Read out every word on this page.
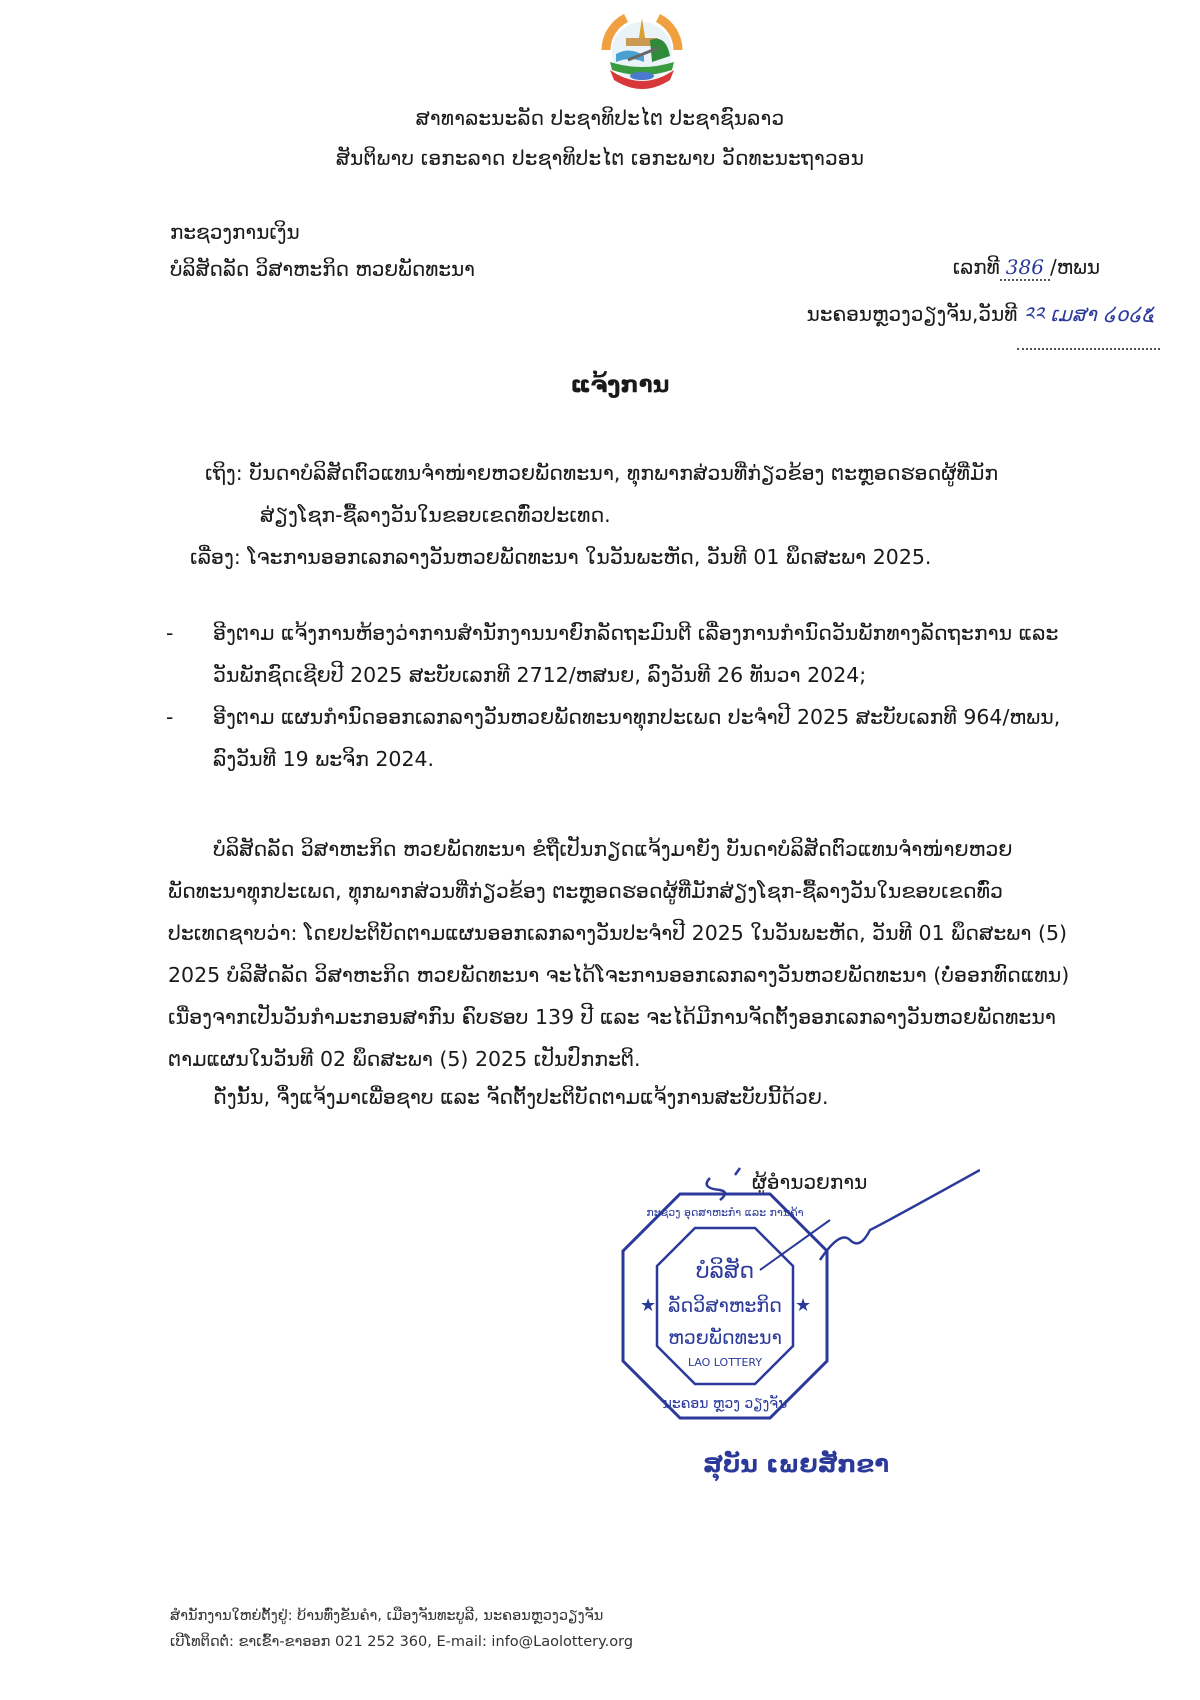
ສາທາລະນະລັດ ປະຊາທິປະໄຕ ປະຊາຊົນລາວ
ສັນຕິພາບ ເອກະລາດ ປະຊາທິປະໄຕ ເອກະພາບ ວັດທະນະຖາວອນ
ກະຊວງການເງິນ
ບໍລິສັດລັດ ວິສາຫະກິດ ຫວຍພັດທະນາ	ເລກທີ 386 /ຫພນ
ນະຄອນຫຼວງວຽງຈັນ,ວັນທີ ༢༢ ເມສາ ໒໐໒໕
ແຈ້ງການ
ເຖິງ: ບັນດາບໍລິສັດຕົວແທນຈຳໜ່າຍຫວຍພັດທະນາ, ທຸກພາກສ່ວນທີ່ກ່ຽວຂ້ອງ ຕະຫຼອດຮອດຜູ້ທີ່ມັກ
ສ່ຽງໂຊກ-ຊື້ລາງວັນໃນຂອບເຂດທົ່ວປະເທດ.
ເລື່ອງ: ໂຈະການອອກເລກລາງວັນຫວຍພັດທະນາ ໃນວັນພະຫັດ, ວັນທີ 01 ພຶດສະພາ 2025.
-	ອີງຕາມ ແຈ້ງການຫ້ອງວ່າການສຳນັກງານນາຍົກລັດຖະມົນຕີ ເລື່ອງການກຳນົດວັນພັກທາງລັດຖະການ ແລະ
ວັນພັກຊົດເຊີຍປີ 2025 ສະບັບເລກທີ 2712/ຫສນຍ, ລົງວັນທີ 26 ທັນວາ 2024;
-	ອີງຕາມ ແຜນກຳນົດອອກເລກລາງວັນຫວຍພັດທະນາທຸກປະເພດ ປະຈຳປີ 2025 ສະບັບເລກທີ 964/ຫພນ,
ລົງວັນທີ 19 ພະຈິກ 2024.
ບໍລິສັດລັດ ວິສາຫະກິດ ຫວຍພັດທະນາ ຂໍຖືເປັນກຽດແຈ້ງມາຍັງ ບັນດາບໍລິສັດຕົວແທນຈຳໜ່າຍຫວຍ
ພັດທະນາທຸກປະເພດ, ທຸກພາກສ່ວນທີ່ກ່ຽວຂ້ອງ ຕະຫຼອດຮອດຜູ້ທີ່ມັກສ່ຽງໂຊກ-ຊື້ລາງວັນໃນຂອບເຂດທົ່ວ
ປະເທດຊາບວ່າ: ໂດຍປະຕິບັດຕາມແຜນອອກເລກລາງວັນປະຈຳປີ 2025 ໃນວັນພະຫັດ, ວັນທີ 01 ພຶດສະພາ (5)
2025 ບໍລິສັດລັດ ວິສາຫະກິດ ຫວຍພັດທະນາ ຈະໄດ້ໂຈະການອອກເລກລາງວັນຫວຍພັດທະນາ (ບໍ່ອອກທົດແທນ)
ເນື່ອງຈາກເປັນວັນກຳມະກອນສາກົນ ຄົບຮອບ 139 ປີ ແລະ ຈະໄດ້ມີການຈັດຕັ້ງອອກເລກລາງວັນຫວຍພັດທະນາ
ຕາມແຜນໃນວັນທີ 02 ພຶດສະພາ (5) 2025 ເປັນປົກກະຕິ.
ດັ່ງນັ້ນ, ຈຶ່ງແຈ້ງມາເພື່ອຊາບ ແລະ ຈັດຕັ້ງປະຕິບັດຕາມແຈ້ງການສະບັບນີ້ດ້ວຍ.
ຜູ້ອຳນວຍການ
★	★
ກະຊວງ ອຸດສາຫະກຳ ແລະ ການຄ້າ
ບໍລິສັດ
ລັດວິສາຫະກິດ
ຫວຍພັດທະນາ
LAO LOTTERY
ນະຄອນ ຫຼວງ ວຽງຈັນ
ສຸບັນ ເພຍສັກຂາ
ສຳນັກງານໃຫຍ່ຕັ້ງຢູ່: ບ້ານທົ່ງຂັນຄຳ, ເມືອງຈັນທະບູລີ, ນະຄອນຫຼວງວຽງຈັນ
ເບີໂທຕິດຕໍ່: ຂາເຂົ້າ-ຂາອອກ 021 252 360, E-mail: info@Laolottery.org
